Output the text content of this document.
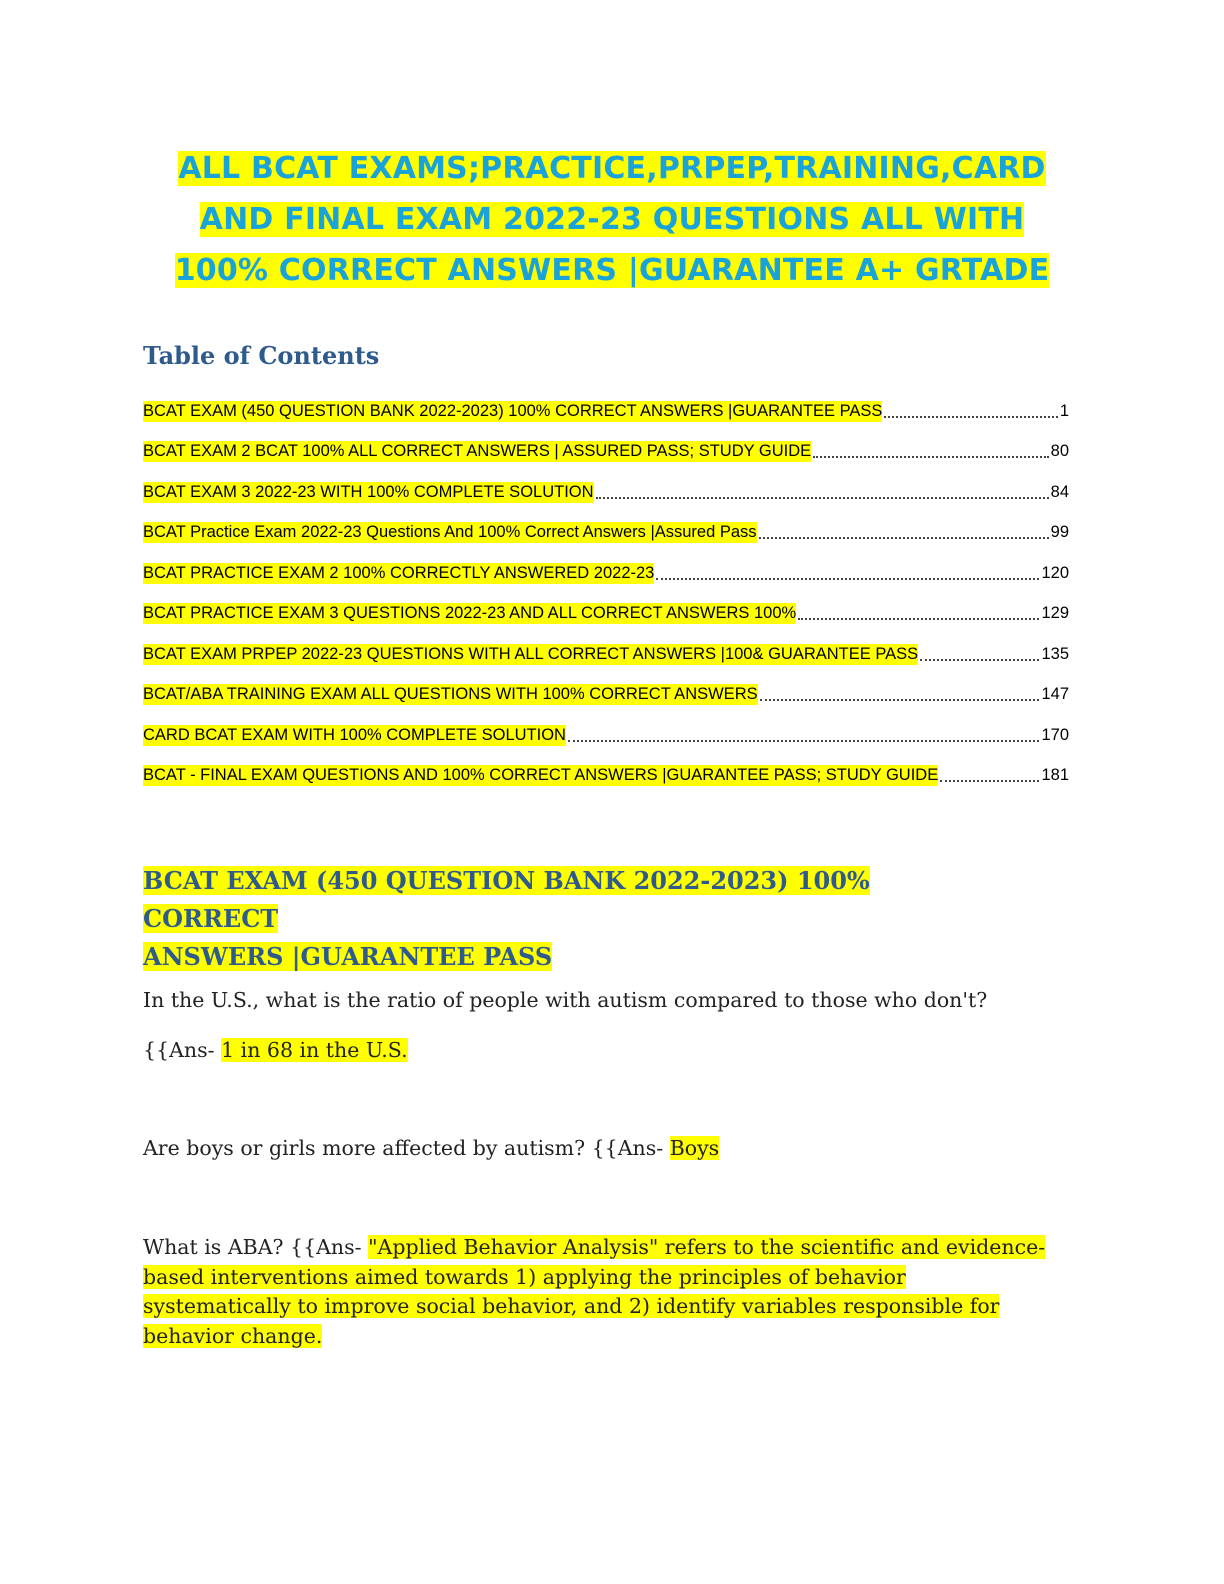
ALL BCAT EXAMS;PRACTICE,PRPEP,TRAINING,CARD
AND FINAL EXAM 2022-23 QUESTIONS ALL WITH
100% CORRECT ANSWERS |GUARANTEE A+ GRTADE
Table of Contents
BCAT EXAM (450 QUESTION BANK 2022-2023) 100% CORRECT ANSWERS |GUARANTEE PASS	1
BCAT EXAM 2 BCAT 100% ALL CORRECT ANSWERS | ASSURED PASS; STUDY GUIDE	80
BCAT EXAM 3 2022-23 WITH 100% COMPLETE SOLUTION	84
BCAT Practice Exam 2022-23 Questions And 100% Correct Answers |Assured Pass	99
BCAT PRACTICE EXAM 2 100% CORRECTLY ANSWERED 2022-23	120
BCAT PRACTICE EXAM 3 QUESTIONS 2022-23 AND ALL CORRECT ANSWERS 100%	129
BCAT EXAM PRPEP 2022-23 QUESTIONS WITH ALL CORRECT ANSWERS |100& GUARANTEE PASS	135
BCAT/ABA TRAINING EXAM ALL QUESTIONS WITH 100% CORRECT ANSWERS	147
CARD BCAT EXAM WITH 100% COMPLETE SOLUTION	170
BCAT - FINAL EXAM QUESTIONS AND 100% CORRECT ANSWERS |GUARANTEE PASS; STUDY GUIDE	181
BCAT EXAM (450 QUESTION BANK 2022-2023) 100% CORRECT
ANSWERS |GUARANTEE PASS
In the U.S., what is the ratio of people with autism compared to those who don't?
{{Ans- 1 in 68 in the U.S.
Are boys or girls more affected by autism? {{Ans- Boys
What is ABA? {{Ans- "Applied Behavior Analysis" refers to the scientific and evidence-based interventions aimed towards 1) applying the principles of behavior systematically to improve social behavior, and 2) identify variables responsible for behavior change.
